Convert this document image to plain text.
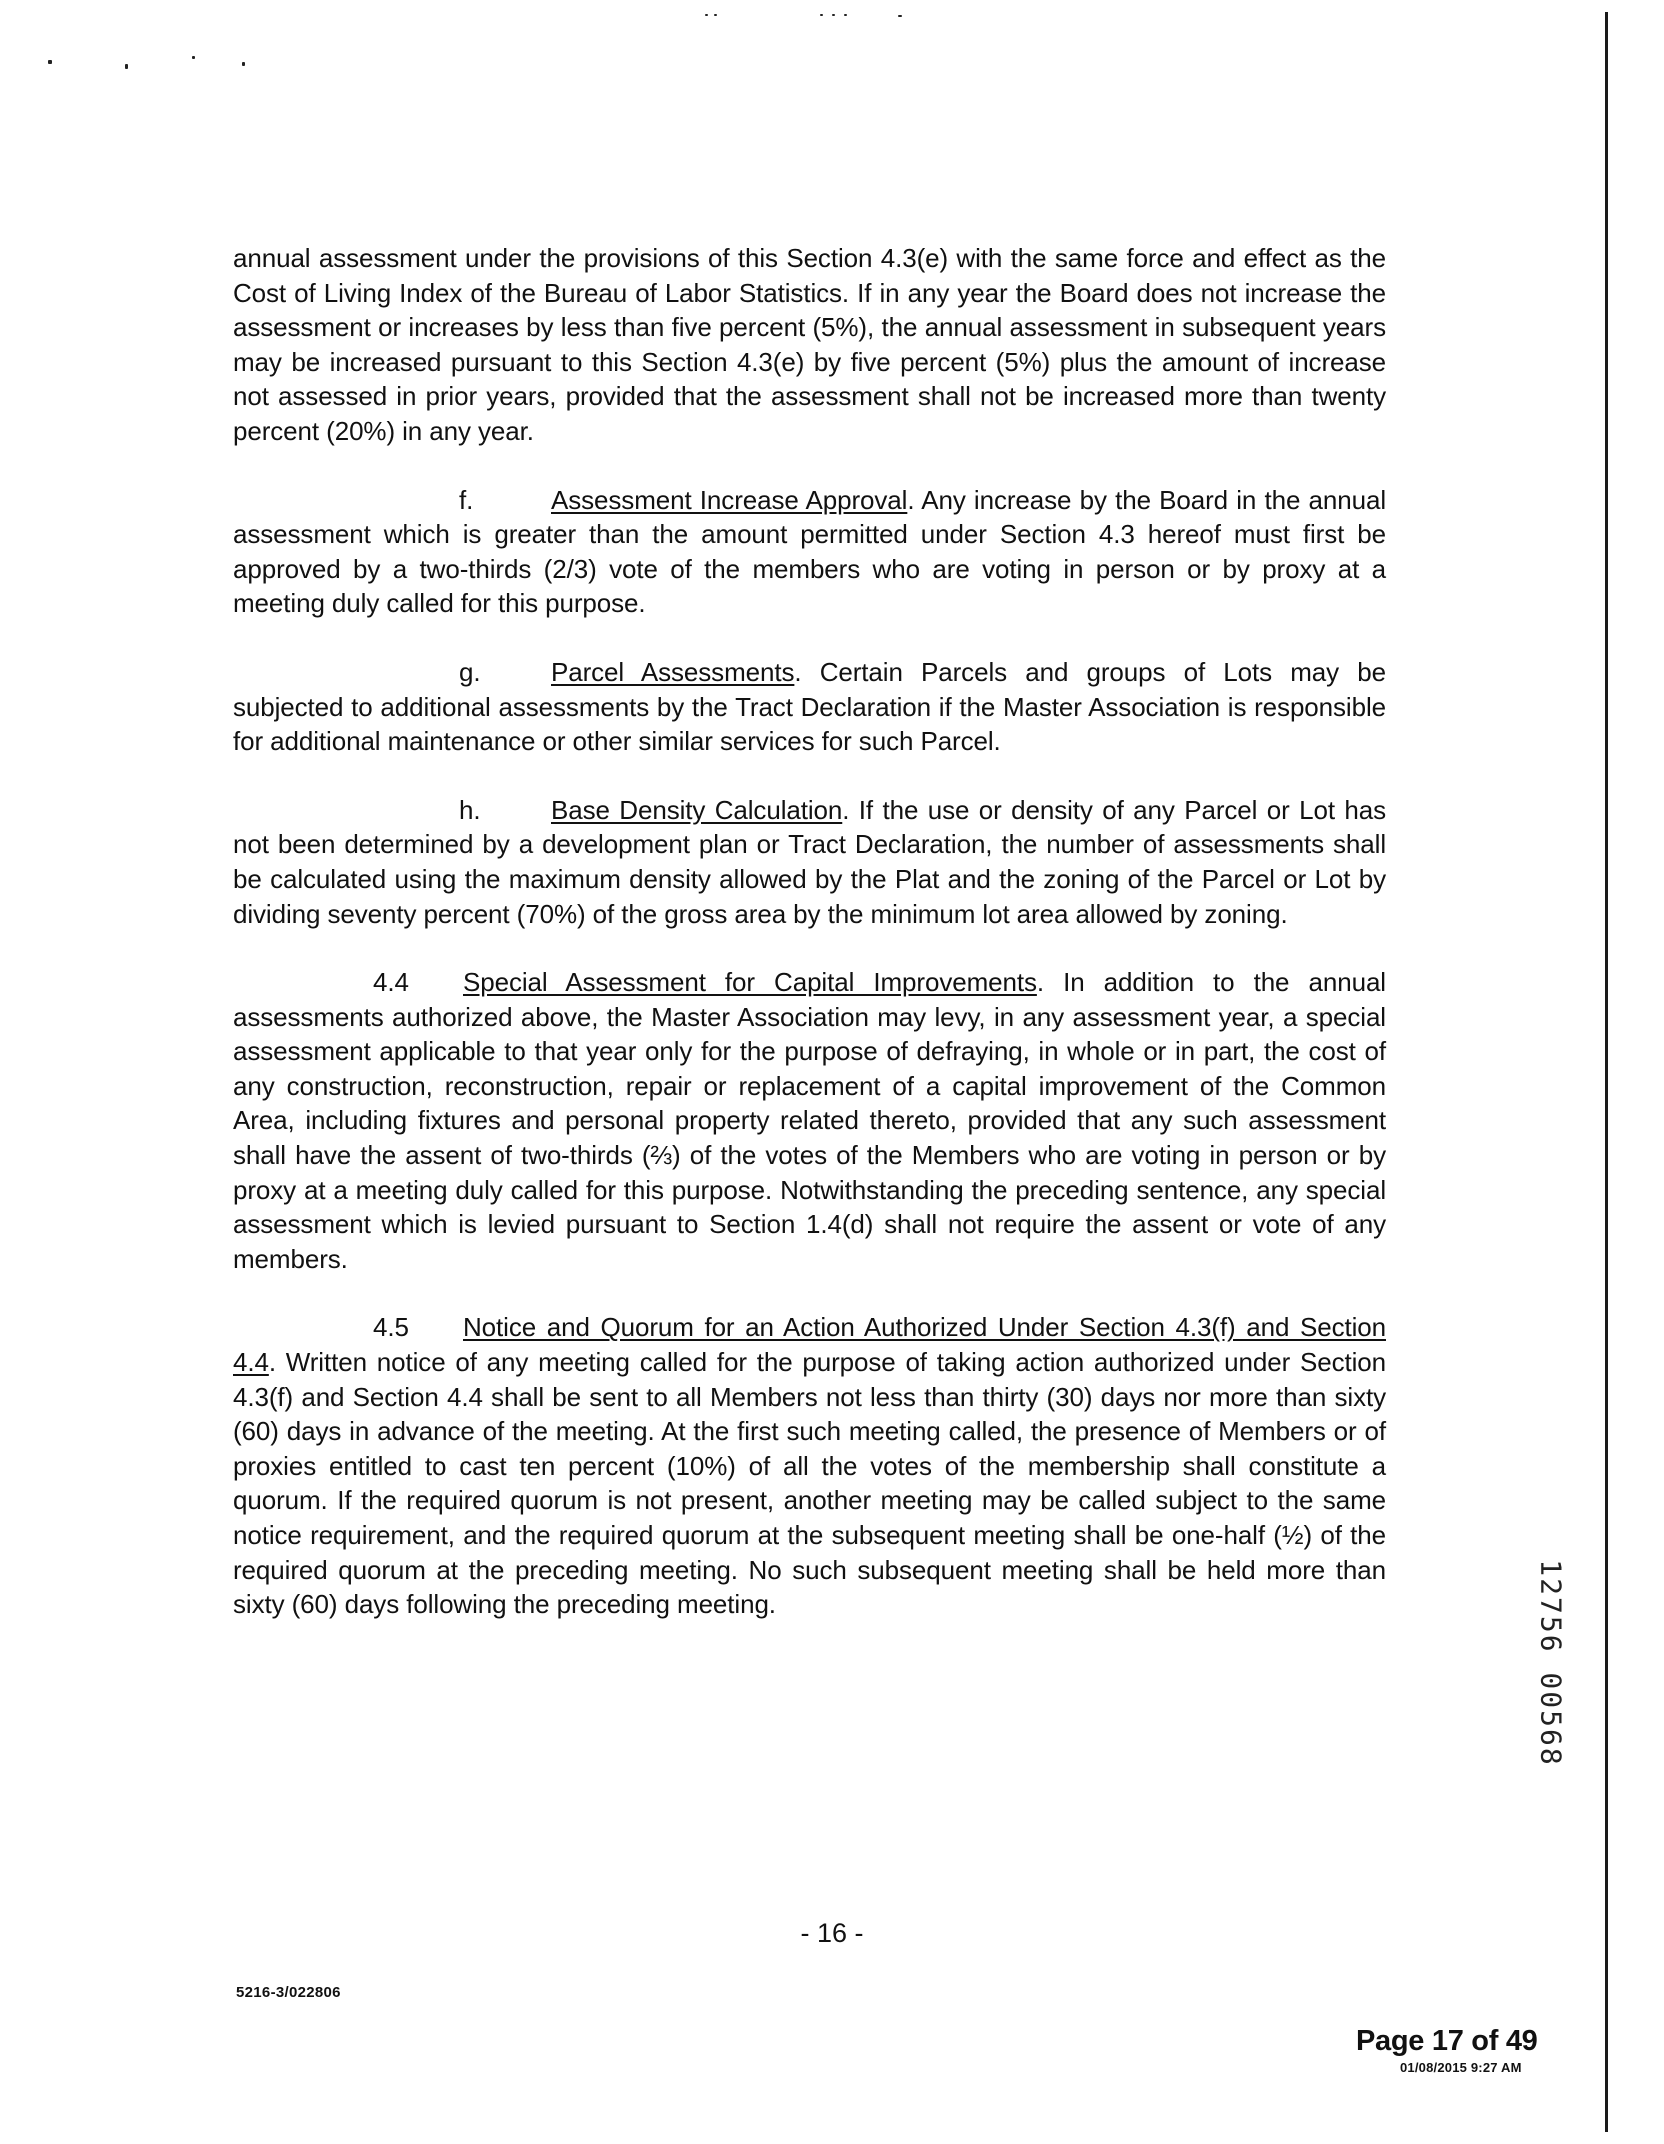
annual assessment under the provisions of this Section 4.3(e) with the same force and effect as the Cost of Living Index of the Bureau of Labor Statistics. If in any year the Board does not increase the assessment or increases by less than five percent (5%), the annual assessment in subsequent years may be increased pursuant to this Section 4.3(e) by five percent (5%) plus the amount of increase not assessed in prior years, provided that the assessment shall not be increased more than twenty percent (20%) in any year.

f.	Assessment Increase Approval. Any increase by the Board in the annual assessment which is greater than the amount permitted under Section 4.3 hereof must first be approved by a two-thirds (2/3) vote of the members who are voting in person or by proxy at a meeting duly called for this purpose.

g.	Parcel Assessments. Certain Parcels and groups of Lots may be subjected to additional assessments by the Tract Declaration if the Master Association is responsible for additional maintenance or other similar services for such Parcel.

h.	Base Density Calculation. If the use or density of any Parcel or Lot has not been determined by a development plan or Tract Declaration, the number of assessments shall be calculated using the maximum density allowed by the Plat and the zoning of the Parcel or Lot by dividing seventy percent (70%) of the gross area by the minimum lot area allowed by zoning.

4.4 Special Assessment for Capital Improvements. In addition to the annual assessments authorized above, the Master Association may levy, in any assessment year, a special assessment applicable to that year only for the purpose of defraying, in whole or in part, the cost of any construction, reconstruction, repair or replacement of a capital improvement of the Common Area, including fixtures and personal property related thereto, provided that any such assessment shall have the assent of two-thirds (⅔) of the votes of the Members who are voting in person or by proxy at a meeting duly called for this purpose. Notwithstanding the preceding sentence, any special assessment which is levied pursuant to Section 1.4(d) shall not require the assent or vote of any members.

4.5 Notice and Quorum for an Action Authorized Under Section 4.3(f) and Section 4.4. Written notice of any meeting called for the purpose of taking action authorized under Section 4.3(f) and Section 4.4 shall be sent to all Members not less than thirty (30) days nor more than sixty (60) days in advance of the meeting. At the first such meeting called, the presence of Members or of proxies entitled to cast ten percent (10%) of all the votes of the membership shall constitute a quorum. If the required quorum is not present, another meeting may be called subject to the same notice requirement, and the required quorum at the subsequent meeting shall be one-half (½) of the required quorum at the preceding meeting. No such subsequent meeting shall be held more than sixty (60) days following the preceding meeting.	12756 00568
- 16 -
5216-3/022806
Page 17 of 49
01/08/2015 9:27 AM
